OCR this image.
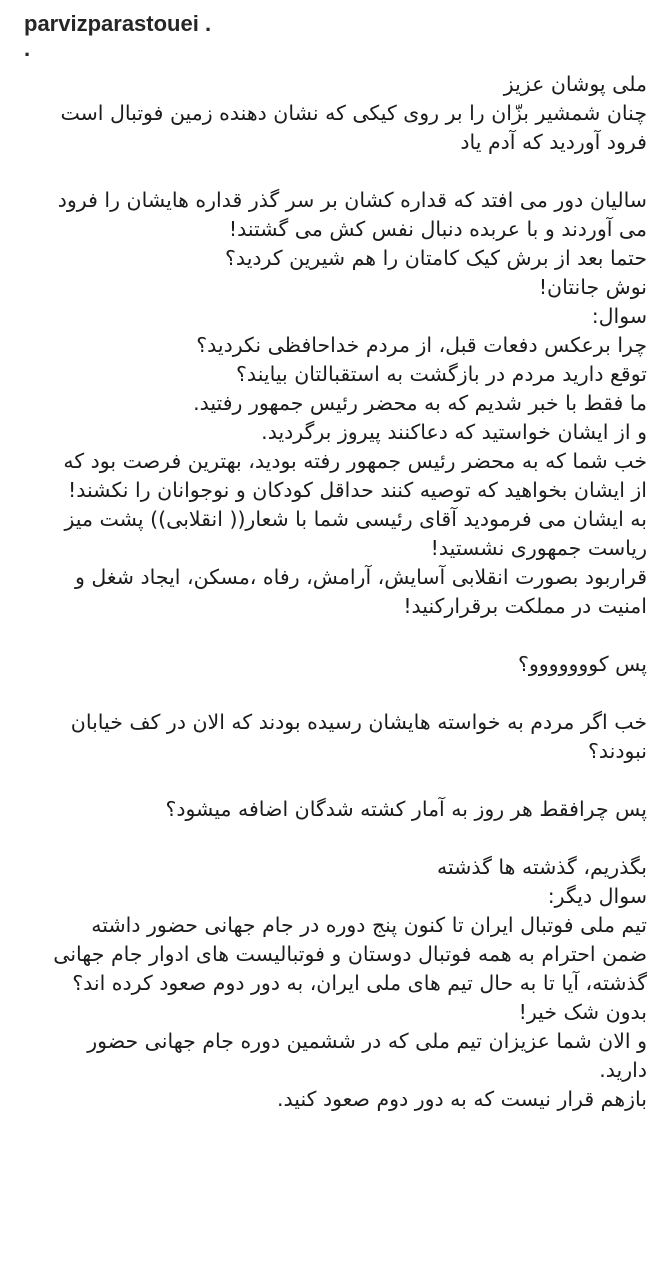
parvizparastouei .
.
ملی پوشان عزیز
چنان شمشیر بزّان را بر روی کیکی که نشان دهنده زمین فوتبال است
فرود آوردید که آدم یاد
سالیان دور می افتد که قداره کشان بر سر گذر قداره هایشان را فرود
می آوردند و با عربده دنبال نفس کش می گشتند!
حتما بعد از برش کیک کامتان را هم شیرین کردید؟
نوش جانتان!
سوال:
چرا برعکس دفعات قبل، از مردم خداحافظی نکردید؟
توقع دارید مردم در بازگشت به استقبالتان بیایند؟
ما فقط با خبر شدیم که به محضر رئیس جمهور رفتید.
و از ایشان خواستید که دعاکنند پیروز برگردید.
خب شما که به محضر رئیس جمهور رفته بودید، بهترین فرصت بود که
از ایشان بخواهید که توصیه کنند حداقل کودکان و نوجوانان را نکشند!
به ایشان می فرمودید آقای رئیسی شما با شعار(( انقلابی)) پشت میز
ریاست جمهوری نشستید!
قراربود بصورت انقلابی آسایش، آرامش، رفاه ،مسکن، ایجاد شغل و
امنیت در مملکت برقرارکنید!
پس کووووووو؟
خب اگر مردم به خواسته هایشان رسیده بودند که الان در کف خیابان
نبودند؟
پس چرافقط هر روز به آمار کشته شدگان اضافه میشود؟
بگذریم، گذشته ها گذشته
سوال دیگر:
تیم ملی فوتبال ایران تا کنون پنج دوره در جام جهانی حضور داشته
ضمن احترام به همه فوتبال دوستان و فوتبالیست های ادوار جام جهانی
گذشته، آیا تا به حال تیم های ملی ایران، به دور دوم صعود کرده اند؟
بدون شک خیر!
و الان شما عزیزان تیم ملی که در ششمین دوره جام جهانی حضور
دارید.
بازهم قرار نیست که به دور دوم صعود کنید.
